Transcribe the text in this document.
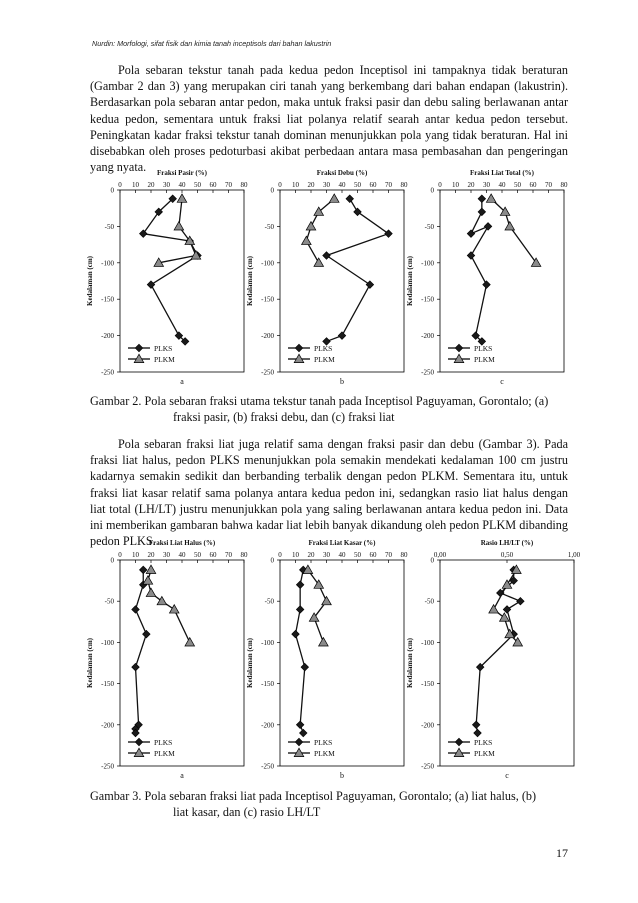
Nurdin: Morfologi, sifat fisik dan kimia tanah inceptisols dari bahan lakustrin

Pola sebaran tekstur tanah pada kedua pedon Inceptisol ini tampaknya tidak beraturan (Gambar 2 dan 3) yang merupakan ciri tanah yang berkembang dari bahan endapan (lakustrin). Berdasarkan pola sebaran antar pedon, maka untuk fraksi pasir dan debu saling berlawanan antar kedua pedon, sementara untuk fraksi liat polanya relatif searah antar kedua pedon tersebut. Peningkatan kadar fraksi tekstur tanah dominan menunjukkan pola yang tidak beraturan. Hal ini disebabkan oleh proses pedoturbasi akibat perbedaan antara masa pembasahan dan pengeringan yang nyata.	Fraksi Pasir (%)
0 10 20 30 40 50 60 70 80
0
-50
-100
-150
-200
-250
Kedalaman (cm)
a
PLKS
PLKM
Fraksi Debu (%)
0 10 20 30 40 50 60 70 80
0
-50
-100
-150
-200
-250
Kedalaman (cm)
b
PLKS
PLKM
Fraksi Liat Total (%)
0 10 20 30 40 50 60 70 80
0
-50
-100
-150
-200
-250
Kedalaman (cm)
c
PLKS
PLKM
Gambar 2. Pola sebaran fraksi utama tekstur tanah pada Inceptisol Paguyaman, Gorontalo; (a)
fraksi pasir, (b) fraksi debu, dan (c) fraksi liat

Pola sebaran fraksi liat juga relatif sama dengan fraksi pasir dan debu (Gambar 3). Pada fraksi liat halus, pedon PLKS menunjukkan pola semakin mendekati kedalaman 100 cm justru kadarnya semakin sedikit dan berbanding terbalik dengan pedon PLKM. Sementara itu, untuk fraksi liat kasar relatif sama polanya antara kedua pedon ini, sedangkan rasio liat halus dengan liat total (LH/LT) justru menunjukkan pola yang saling berlawanan antara kedua pedon ini. Data ini memberikan gambaran bahwa kadar liat lebih banyak dikandung oleh pedon PLKM dibanding pedon PLKS.

Fraksi Liat Halus (%)
0 10 20 30 40 50 60 70 80
0
-50
-100
-150
-200
-250
Kedalaman (cm)
a
PLKS
PLKM
Fraksi Liat Kasar (%)
0 10 20 30 40 50 60 70 80
0
-50
-100
-150
-200
-250
Kedalaman (cm)
b
PLKS
PLKM
Rasio LH/LT (%)
0,00	0,50	1,00
0
-50
-100
-150
-200
-250
Kedalaman (cm)
c
PLKS
PLKM
Gambar 3. Pola sebaran fraksi liat pada Inceptisol Paguyaman, Gorontalo; (a) liat halus, (b)
liat kasar, dan (c) rasio LH/LT
17
